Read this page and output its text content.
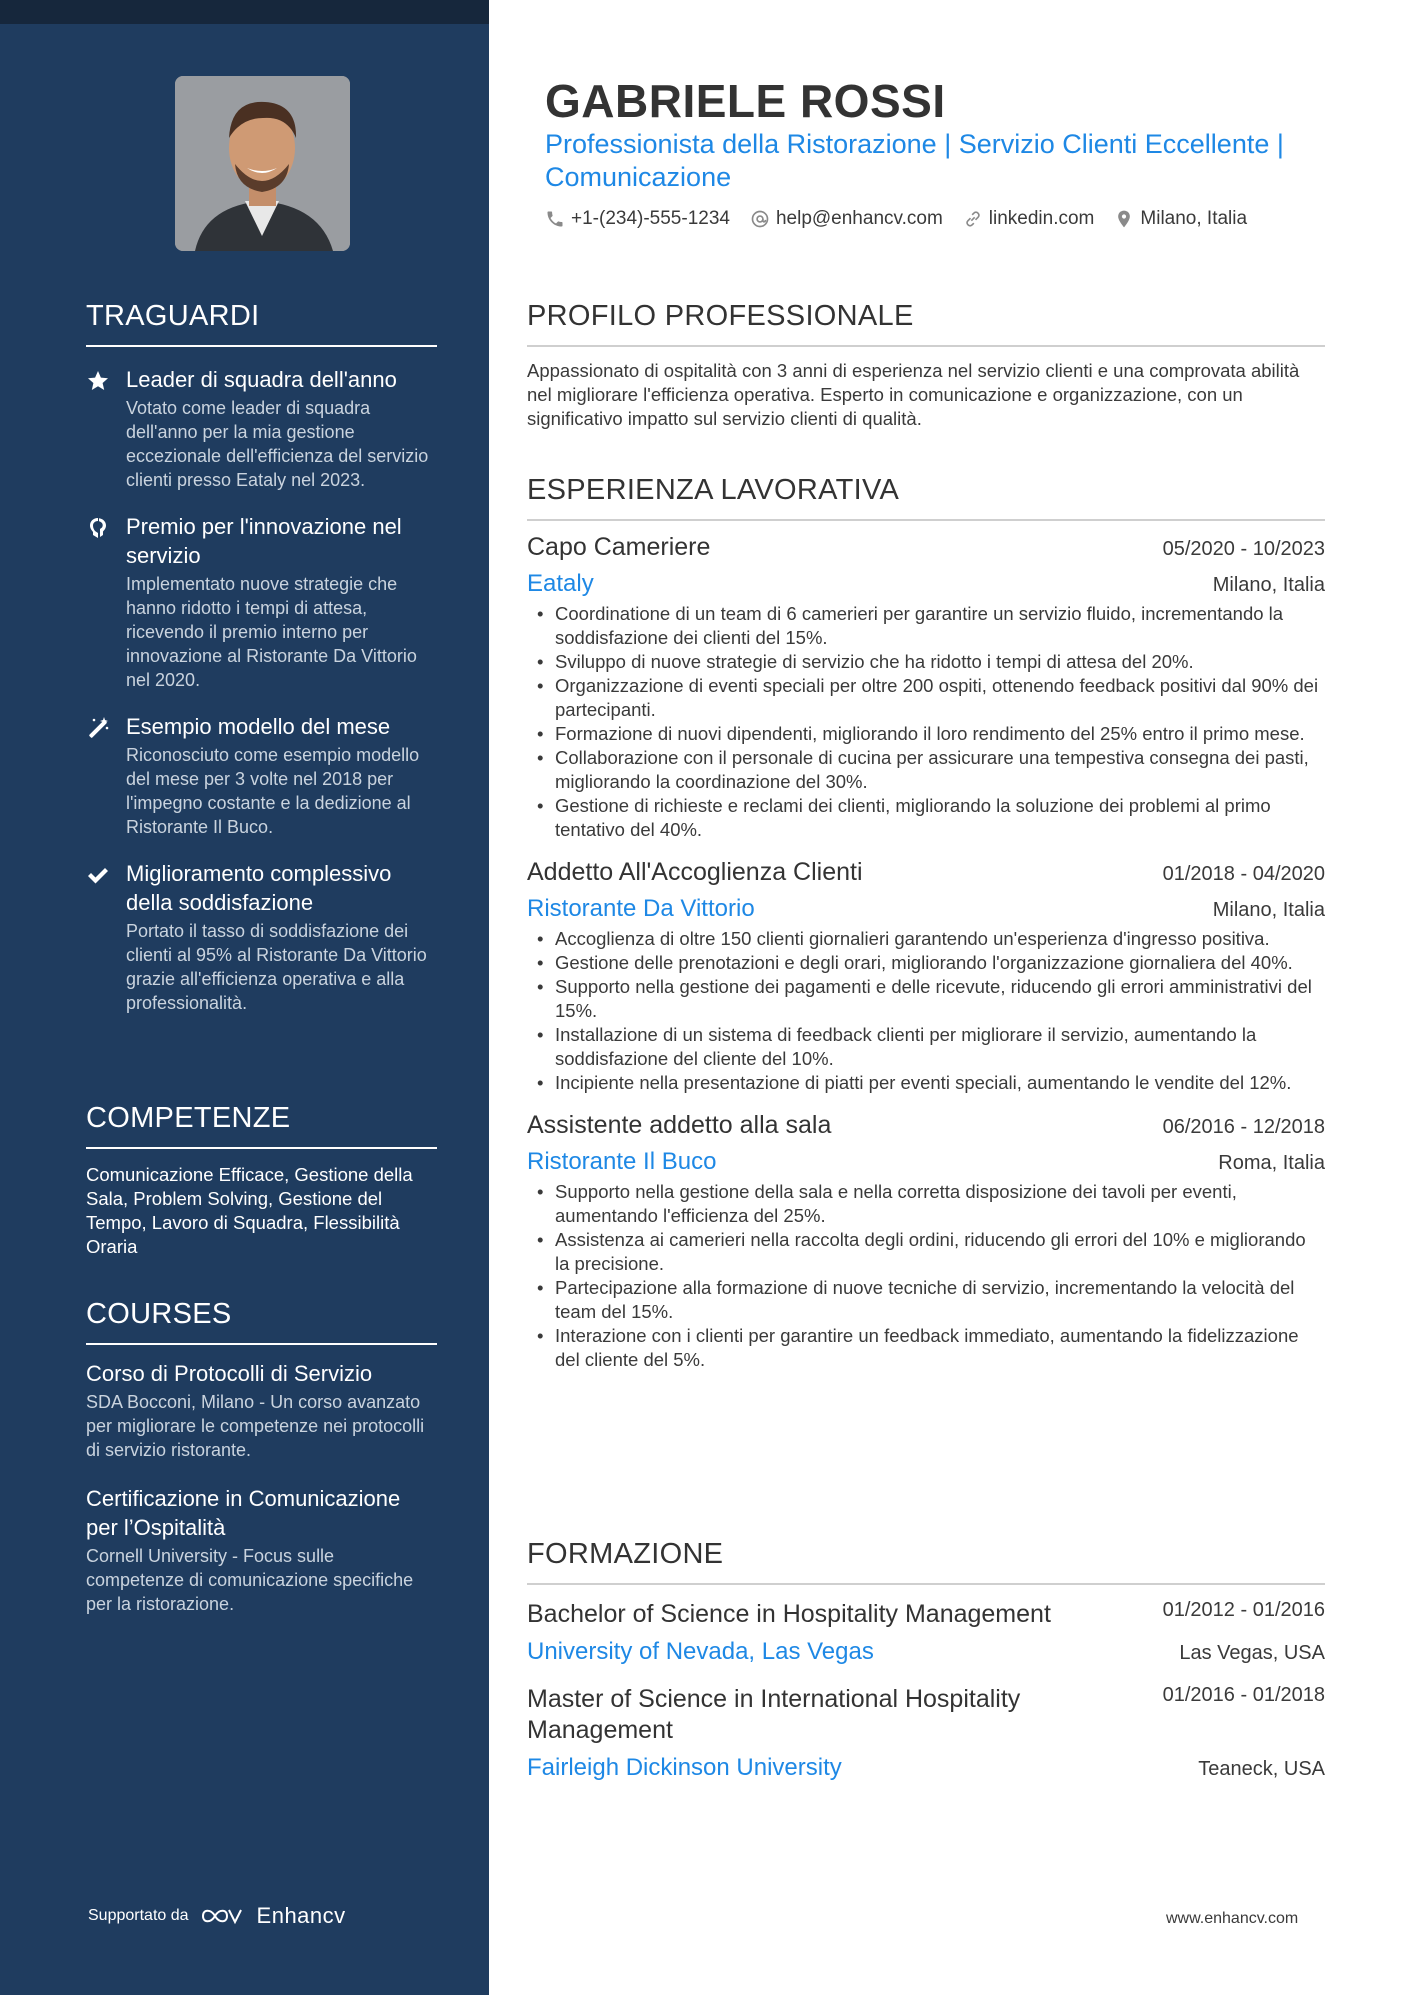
TRAGUARDI
Leader di squadra dell'anno
Votato come leader di squadra dell'anno per la mia gestione eccezionale dell'efficienza del servizio clienti presso Eataly nel 2023.
Premio per l'innovazione nel servizio
Implementato nuove strategie che hanno ridotto i tempi di attesa, ricevendo il premio interno per innovazione al Ristorante Da Vittorio nel 2020.
Esempio modello del mese
Riconosciuto come esempio modello del mese per 3 volte nel 2018 per l'impegno costante e la dedizione al Ristorante Il Buco.
Miglioramento complessivo della soddisfazione
Portato il tasso di soddisfazione dei clienti al 95% al Ristorante Da Vittorio grazie all'efficienza operativa e alla professionalità.
COMPETENZE
Comunicazione Efficace, Gestione della Sala, Problem Solving, Gestione del Tempo, Lavoro di Squadra, Flessibilità Oraria
COURSES
Corso di Protocolli di Servizio
SDA Bocconi, Milano - Un corso avanzato per migliorare le competenze nei protocolli di servizio ristorante.
Certificazione in Comunicazione per l’Ospitalità
Cornell University - Focus sulle competenze di comunicazione specifiche per la ristorazione.
Supportato da	Enhancv
GABRIELE ROSSI
Professionista della Ristorazione | Servizio Clienti Eccellente | Comunicazione
+1-(234)-555-1234 help@enhancv.com linkedin.com Milano, Italia
PROFILO PROFESSIONALE

Appassionato di ospitalità con 3 anni di esperienza nel servizio clienti e una comprovata abilità nel migliorare l'efficienza operativa. Esperto in comunicazione e organizzazione, con un significativo impatto sul servizio clienti di qualità.

ESPERIENZA LAVORATIVA
Capo Cameriere	05/2020 - 10/2023
Eataly	Milano, Italia
• Coordinatione di un team di 6 camerieri per garantire un servizio fluido, incrementando la soddisfazione dei clienti del 15%.
• Sviluppo di nuove strategie di servizio che ha ridotto i tempi di attesa del 20%.
• Organizzazione di eventi speciali per oltre 200 ospiti, ottenendo feedback positivi dal 90% dei partecipanti.
• Formazione di nuovi dipendenti, migliorando il loro rendimento del 25% entro il primo mese.
• Collaborazione con il personale di cucina per assicurare una tempestiva consegna dei pasti, migliorando la coordinazione del 30%.
• Gestione di richieste e reclami dei clienti, migliorando la soluzione dei problemi al primo tentativo del 40%.
Addetto All'Accoglienza Clienti	01/2018 - 04/2020
Ristorante Da Vittorio	Milano, Italia
• Accoglienza di oltre 150 clienti giornalieri garantendo un'esperienza d'ingresso positiva.
• Gestione delle prenotazioni e degli orari, migliorando l'organizzazione giornaliera del 40%.
• Supporto nella gestione dei pagamenti e delle ricevute, riducendo gli errori amministrativi del 15%.
• Installazione di un sistema di feedback clienti per migliorare il servizio, aumentando la soddisfazione del cliente del 10%.
• Incipiente nella presentazione di piatti per eventi speciali, aumentando le vendite del 12%.
Assistente addetto alla sala	06/2016 - 12/2018
Ristorante Il Buco	Roma, Italia
• Supporto nella gestione della sala e nella corretta disposizione dei tavoli per eventi, aumentando l'efficienza del 25%.
• Assistenza ai camerieri nella raccolta degli ordini, riducendo gli errori del 10% e migliorando la precisione.
• Partecipazione alla formazione di nuove tecniche di servizio, incrementando la velocità del team del 15%.
• Interazione con i clienti per garantire un feedback immediato, aumentando la fidelizzazione del cliente del 5%.
FORMAZIONE
Bachelor of Science in Hospitality Management	01/2012 - 01/2016
University of Nevada, Las Vegas	Las Vegas, USA
Master of Science in International Hospitality Management
01/2016 - 01/2018
Fairleigh Dickinson University	Teaneck, USA
www.enhancv.com
